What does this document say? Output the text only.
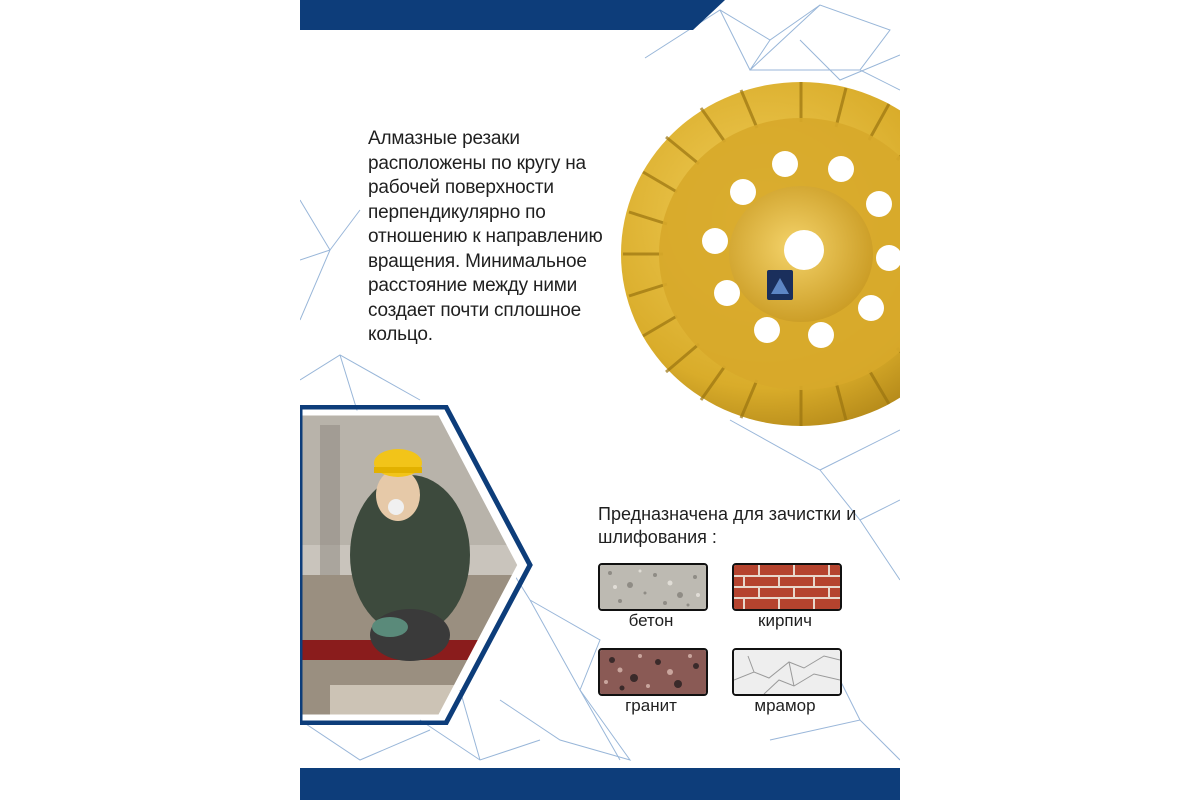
Алмазные резаки
расположены по кругу на
рабочей поверхности
перпендикулярно по
отношению к направлению
вращения. Минимальное
расстояние между ними
создает почти сплошное
кольцо.
Предназначена для зачистки и
шлифования :
бетон	кирпич
гранит	мрамор
